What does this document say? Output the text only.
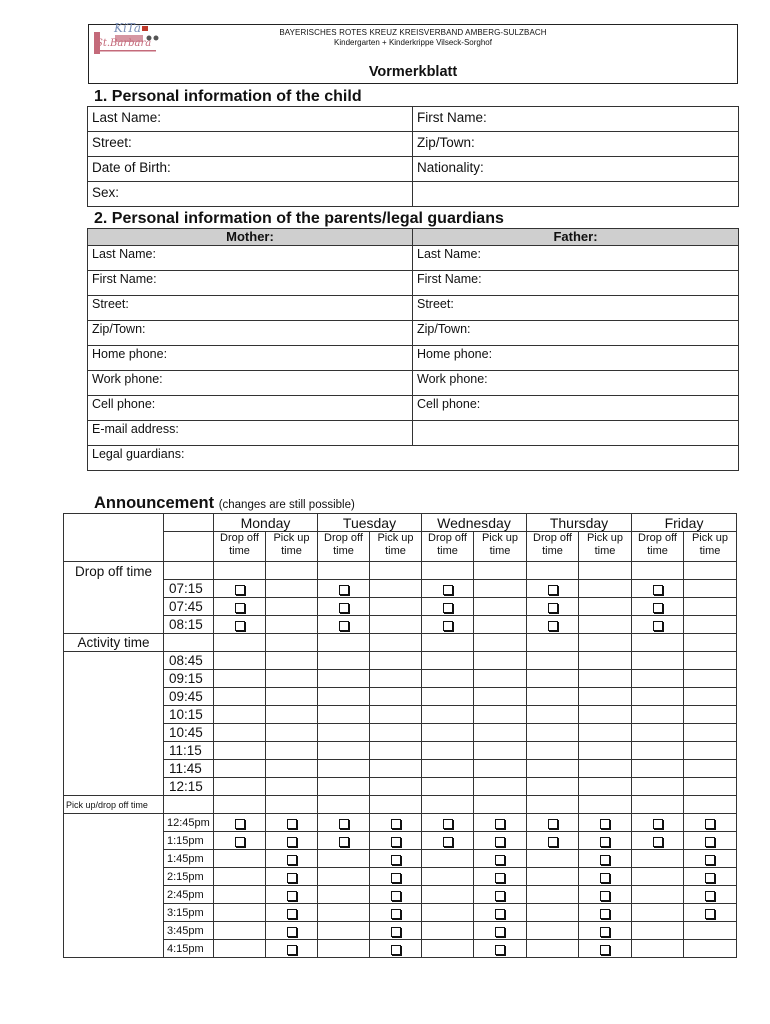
BAYERISCHES ROTES KREUZ KREISVERBAND AMBERG-SULZBACH
Kindergarten + Kinderkrippe Vilseck-Sorghof
Vormerkblatt
KiTa
St.Barbara
1. Personal information of the child
Last Name:	First Name:
Street:	Zip/Town:
Date of Birth:	Nationality:
Sex:	
2. Personal information of the parents/legal guardians
Mother:	Father:
Last Name:	Last Name:
First Name:	First Name:
Street:	Street:
Zip/Town:	Zip/Town:
Home phone:	Home phone:
Work phone:	Work phone:
Cell phone:	Cell phone:
E-mail address:	
Legal guardians:	
Announcement (changes are still possible)
		Monday		Tuesday		Wednesday		Thursday		Friday	
		Drop off time	Pick up time	Drop off time	Pick up time	Drop off time	Pick up time	Drop off time	Pick up time	Drop off time	Pick up time
Drop off time											
	07:15										
	07:45										
	08:15										
Activity time											
	08:45										
	09:15										
	09:45										
	10:15										
	10:45										
	11:15										
	11:45										
	12:15										
Pick up/drop off time											
	12:45pm										
	1:15pm										
	1:45pm										
	2:15pm										
	2:45pm										
	3:15pm										
	3:45pm										
	4:15pm										
